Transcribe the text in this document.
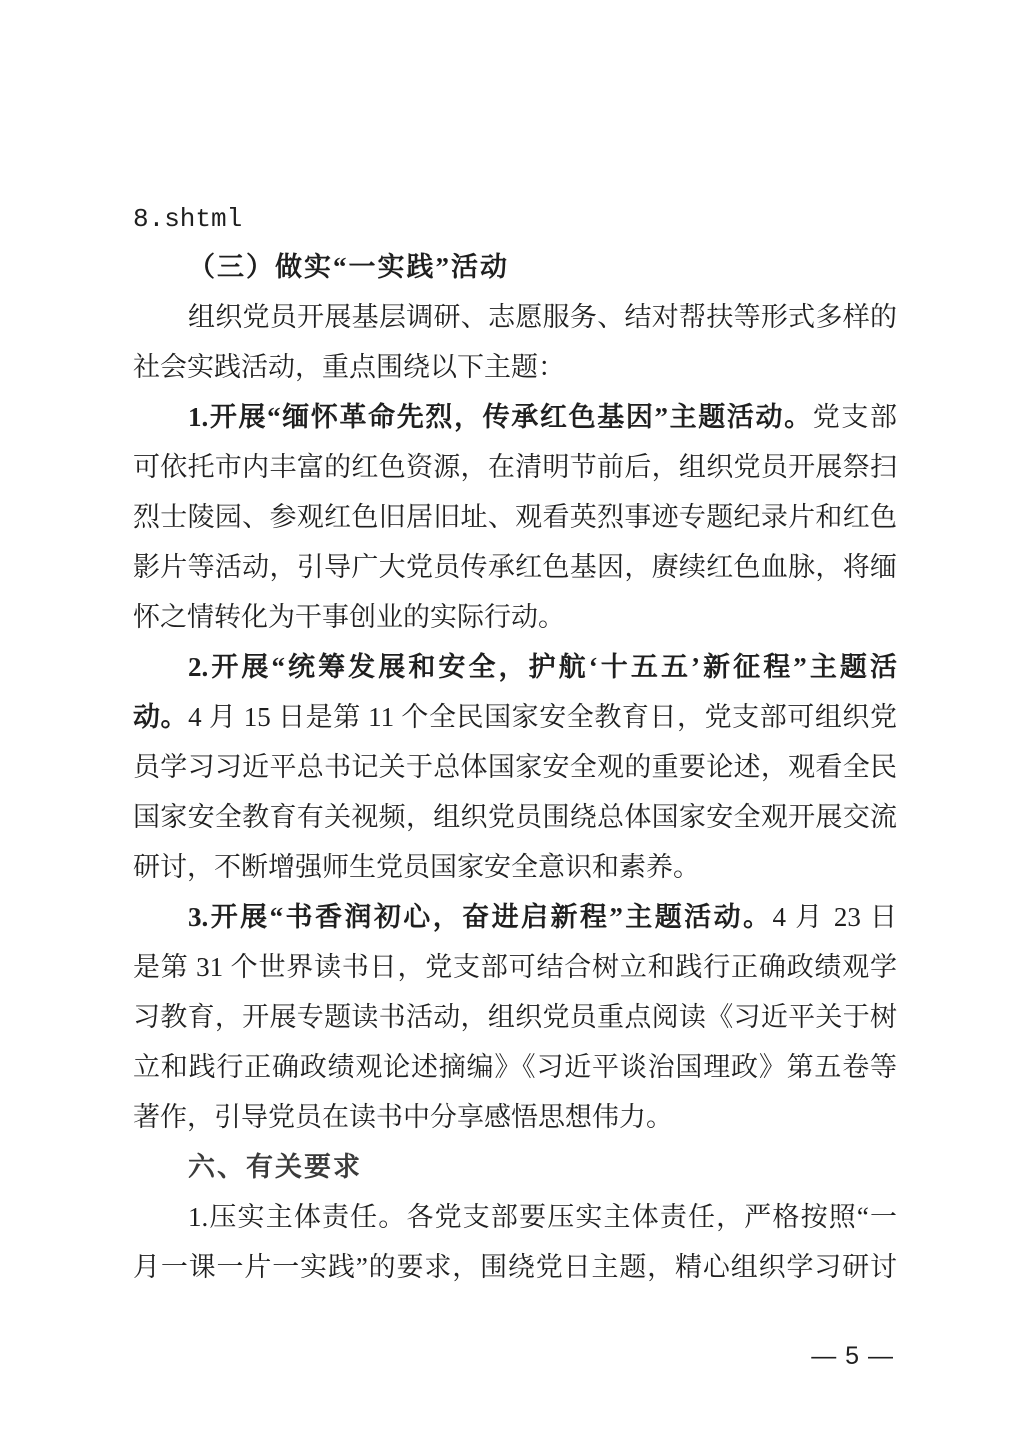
8.shtml
（三）做实“一实践”活动
组织党员开展基层调研、志愿服务、结对帮扶等形式多样的
社会实践活动，重点围绕以下主题：
1.开展“缅怀革命先烈，传承红色基因”主题活动。党支部
可依托市内丰富的红色资源，在清明节前后，组织党员开展祭扫
烈士陵园、参观红色旧居旧址、观看英烈事迹专题纪录片和红色
影片等活动，引导广大党员传承红色基因，赓续红色血脉，将缅
怀之情转化为干事创业的实际行动。
2.开展“统筹发展和安全，护航‘十五五’新征程”主题活
动。4 月 15 日是第 11 个全民国家安全教育日，党支部可组织党
员学习习近平总书记关于总体国家安全观的重要论述，观看全民
国家安全教育有关视频，组织党员围绕总体国家安全观开展交流
研讨，不断增强师生党员国家安全意识和素养。
3.开展“书香润初心，奋进启新程”主题活动。4 月 23 日
是第 31 个世界读书日，党支部可结合树立和践行正确政绩观学
习教育，开展专题读书活动，组织党员重点阅读《习近平关于树
立和践行正确政绩观论述摘编》《习近平谈治国理政》第五卷等
著作，引导党员在读书中分享感悟思想伟力。
六、有关要求
1.压实主体责任。各党支部要压实主体责任，严格按照“一
月一课一片一实践”的要求，围绕党日主题，精心组织学习研讨
— 5 —
